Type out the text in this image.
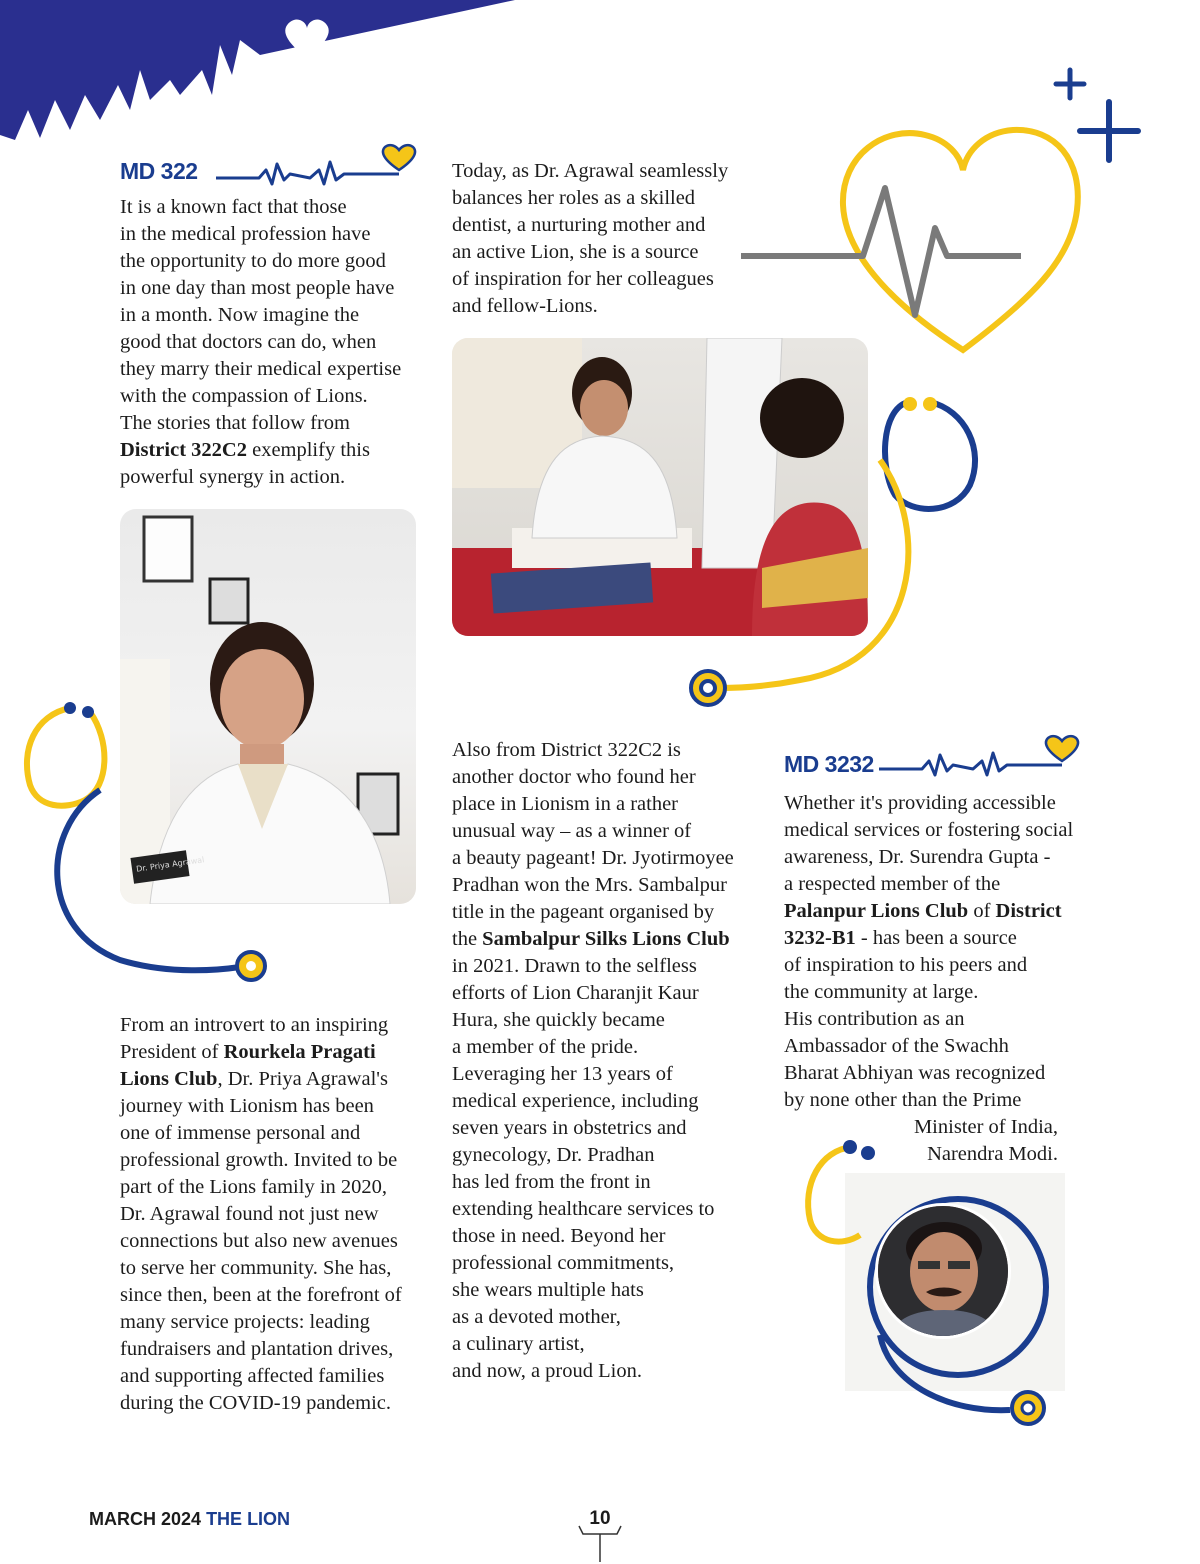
MD 322

It is a known fact that those

in the medical profession have

the opportunity to do more good

in one day than most people have

in a month. Now imagine the

good that doctors can do, when

they marry their medical expertise

with the compassion of Lions.

The stories that follow from

District 322C2 exemplify this

powerful synergy in action.

Dr. Priya Agrawal

From an introvert to an inspiring

President of Rourkela Pragati

Lions Club, Dr. Priya Agrawal's

journey with Lionism has been

one of immense personal and

professional growth. Invited to be

part of the Lions family in 2020,

Dr. Agrawal found not just new

connections but also new avenues

to serve her community. She has,

since then, been at the forefront of

many service projects: leading

fundraisers and plantation drives,

and supporting affected families

during the COVID-19 pandemic.

Today, as Dr. Agrawal seamlessly

balances her roles as a skilled

dentist, a nurturing mother and

an active Lion, she is a source

of inspiration for her colleagues

and fellow-Lions.

Also from District 322C2 is

another doctor who found her

place in Lionism in a rather

unusual way – as a winner of

a beauty pageant! Dr. Jyotirmoyee

Pradhan won the Mrs. Sambalpur

title in the pageant organised by

the Sambalpur Silks Lions Club

in 2021. Drawn to the selfless

efforts of Lion Charanjit Kaur

Hura, she quickly became

a member of the pride.

Leveraging her 13 years of

medical experience, including

seven years in obstetrics and

gynecology, Dr. Pradhan

has led from the front in

extending healthcare services to

those in need. Beyond her

professional commitments,

she wears multiple hats

as a devoted mother,

a culinary artist,

and now, a proud Lion.

MD 3232

Whether it's providing accessible

medical services or fostering social

awareness, Dr. Surendra Gupta -

a respected member of the

Palanpur Lions Club of District

3232-B1 - has been a source

of inspiration to his peers and

the community at large.

His contribution as an

Ambassador of the Swachh

Bharat Abhiyan was recognized

by none other than the Prime

Minister of India,

Narendra Modi.

MARCH 2024 THE LION	10
